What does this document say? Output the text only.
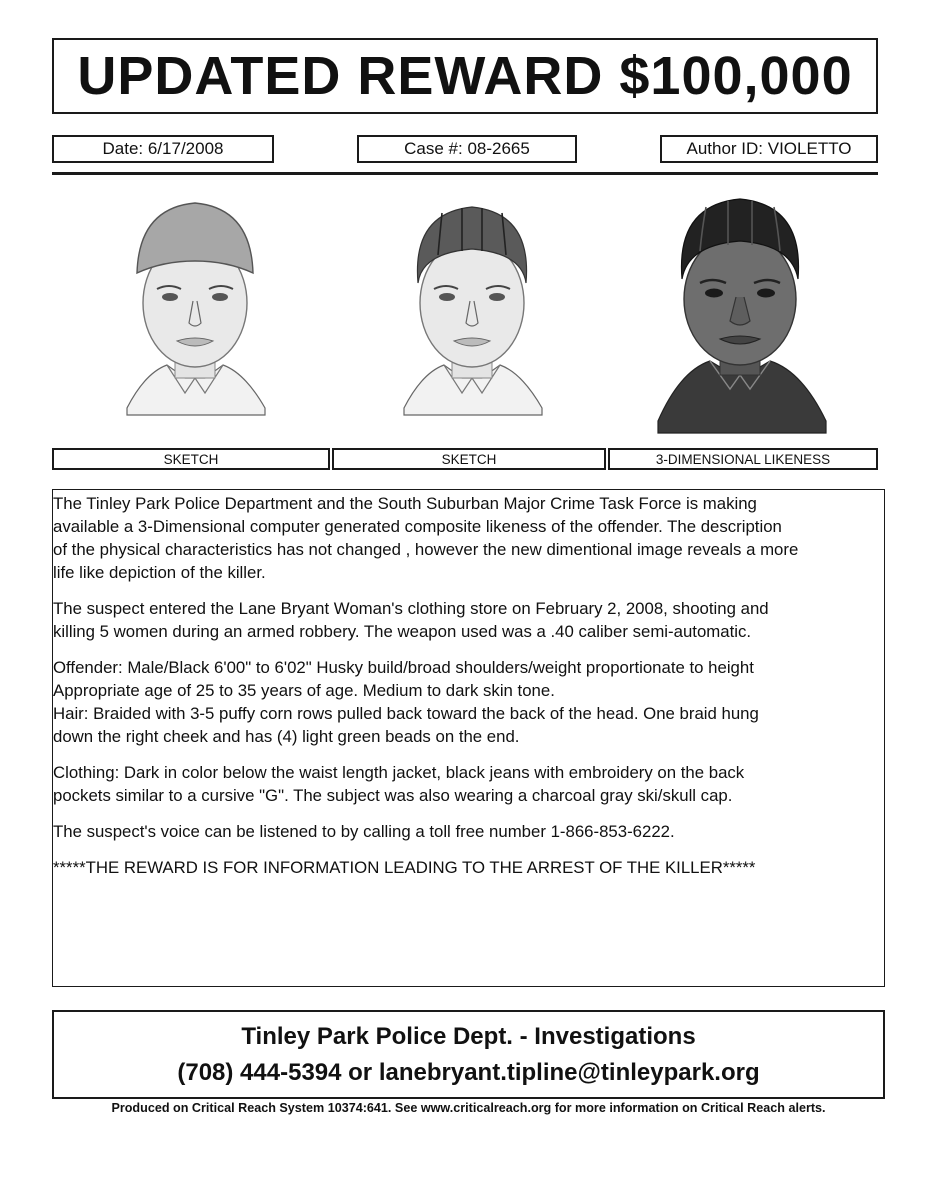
UPDATED REWARD $100,000
Date: 6/17/2008	Case #: 08-2665	Author ID: VIOLETTO
SKETCH	SKETCH	3-DIMENSIONAL LIKENESS

The Tinley Park Police Department and the South Suburban Major Crime Task Force is making
available a 3-Dimensional computer generated composite likeness of the offender. The description
of the physical characteristics has not changed , however the new dimentional image reveals a more
life like depiction of the killer.

The suspect entered the Lane Bryant Woman's clothing store on February 2, 2008, shooting and
killing 5 women during an armed robbery. The weapon used was a .40 caliber semi-automatic.

Offender: Male/Black 6'00" to 6'02" Husky build/broad shoulders/weight proportionate to height
Appropriate age of 25 to 35 years of age. Medium to dark skin tone.

Hair: Braided with 3-5 puffy corn rows pulled back toward the back of the head. One braid hung
down the right cheek and has (4) light green beads on the end.

Clothing: Dark in color below the waist length jacket, black jeans with embroidery on the back
pockets similar to a cursive "G". The subject was also wearing a charcoal gray ski/skull cap.

The suspect's voice can be listened to by calling a toll free number 1-866-853-6222.

*****THE REWARD IS FOR INFORMATION LEADING TO THE ARREST OF THE KILLER*****

Tinley Park Police Dept. - Investigations
(708) 444-5394 or lanebryant.tipline@tinleypark.org
Produced on Critical Reach System 10374:641. See www.criticalreach.org for more information on Critical Reach alerts.
